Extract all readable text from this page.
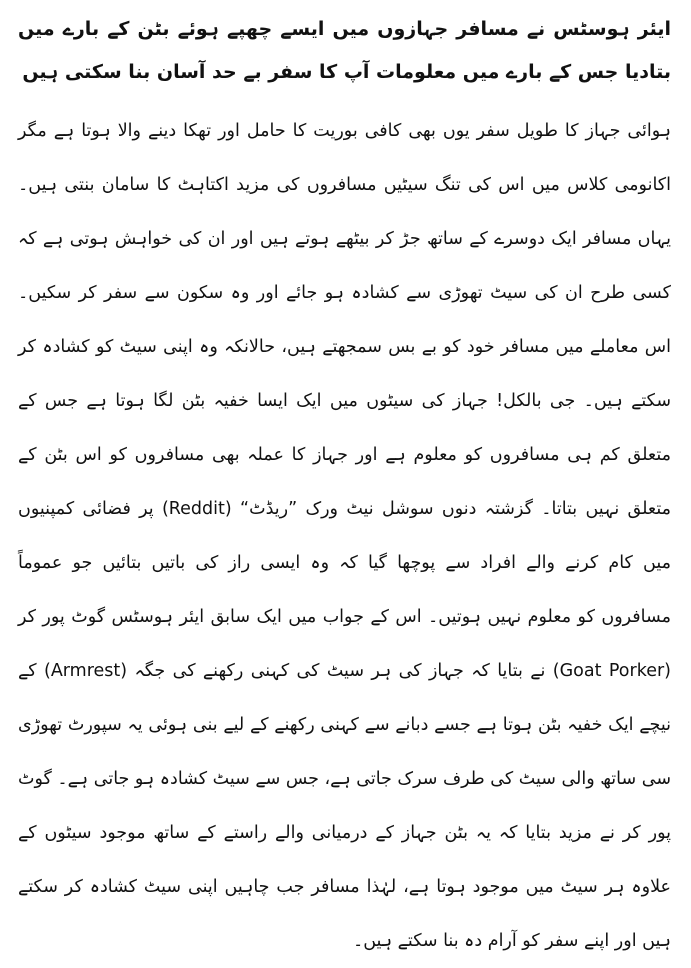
ایئر ہوسٹس نے مسافر جہازوں میں ایسے چھپے ہوئے بٹن کے بارے میں بتادیا جس کے بارے میں معلومات آپ کا سفر بے حد آسان بنا سکتی ہیں

ہوائی جہاز کا طویل سفر یوں بھی کافی بوریت کا حامل اور تھکا دینے والا ہوتا ہے مگر اکانومی کلاس میں اس کی تنگ سیٹیں مسافروں کی مزید اکتاہٹ کا سامان بنتی ہیں۔ یہاں مسافر ایک دوسرے کے ساتھ جڑ کر بیٹھے ہوتے ہیں اور ان کی خواہش ہوتی ہے کہ کسی طرح ان کی سیٹ تھوڑی سے کشادہ ہو جائے اور وہ سکون سے سفر کر سکیں۔ اس معاملے میں مسافر خود کو بے بس سمجھتے ہیں، حالانکہ وہ اپنی سیٹ کو کشادہ کر سکتے ہیں۔ جی بالکل! جہاز کی سیٹوں میں ایک ایسا خفیہ بٹن لگا ہوتا ہے جس کے متعلق کم ہی مسافروں کو معلوم ہے اور جہاز کا عملہ بھی مسافروں کو اس بٹن کے متعلق نہیں بتاتا۔ گزشتہ دنوں سوشل نیٹ ورک ”ریڈٹ“ (Reddit) پر فضائی کمپنیوں میں کام کرنے والے افراد سے پوچھا گیا کہ وہ ایسی راز کی باتیں بتائیں جو عموماً مسافروں کو معلوم نہیں ہوتیں۔ اس کے جواب میں ایک سابق ایئر ہوسٹس گوٹ پور کر (Goat Porker) نے بتایا کہ جہاز کی ہر سیٹ کی کہنی رکھنے کی جگہ (Armrest) کے نیچے ایک خفیہ بٹن ہوتا ہے جسے دبانے سے کہنی رکھنے کے لیے بنی ہوئی یہ سپورٹ تھوڑی سی ساتھ والی سیٹ کی طرف سرک جاتی ہے، جس سے سیٹ کشادہ ہو جاتی ہے۔ گوٹ پور کر نے مزید بتایا کہ یہ بٹن جہاز کے درمیانی والے راستے کے ساتھ موجود سیٹوں کے علاوہ ہر سیٹ میں موجود ہوتا ہے، لہٰذا مسافر جب چاہیں اپنی سیٹ کشادہ کر سکتے ہیں اور اپنے سفر کو آرام دہ بنا سکتے ہیں۔
